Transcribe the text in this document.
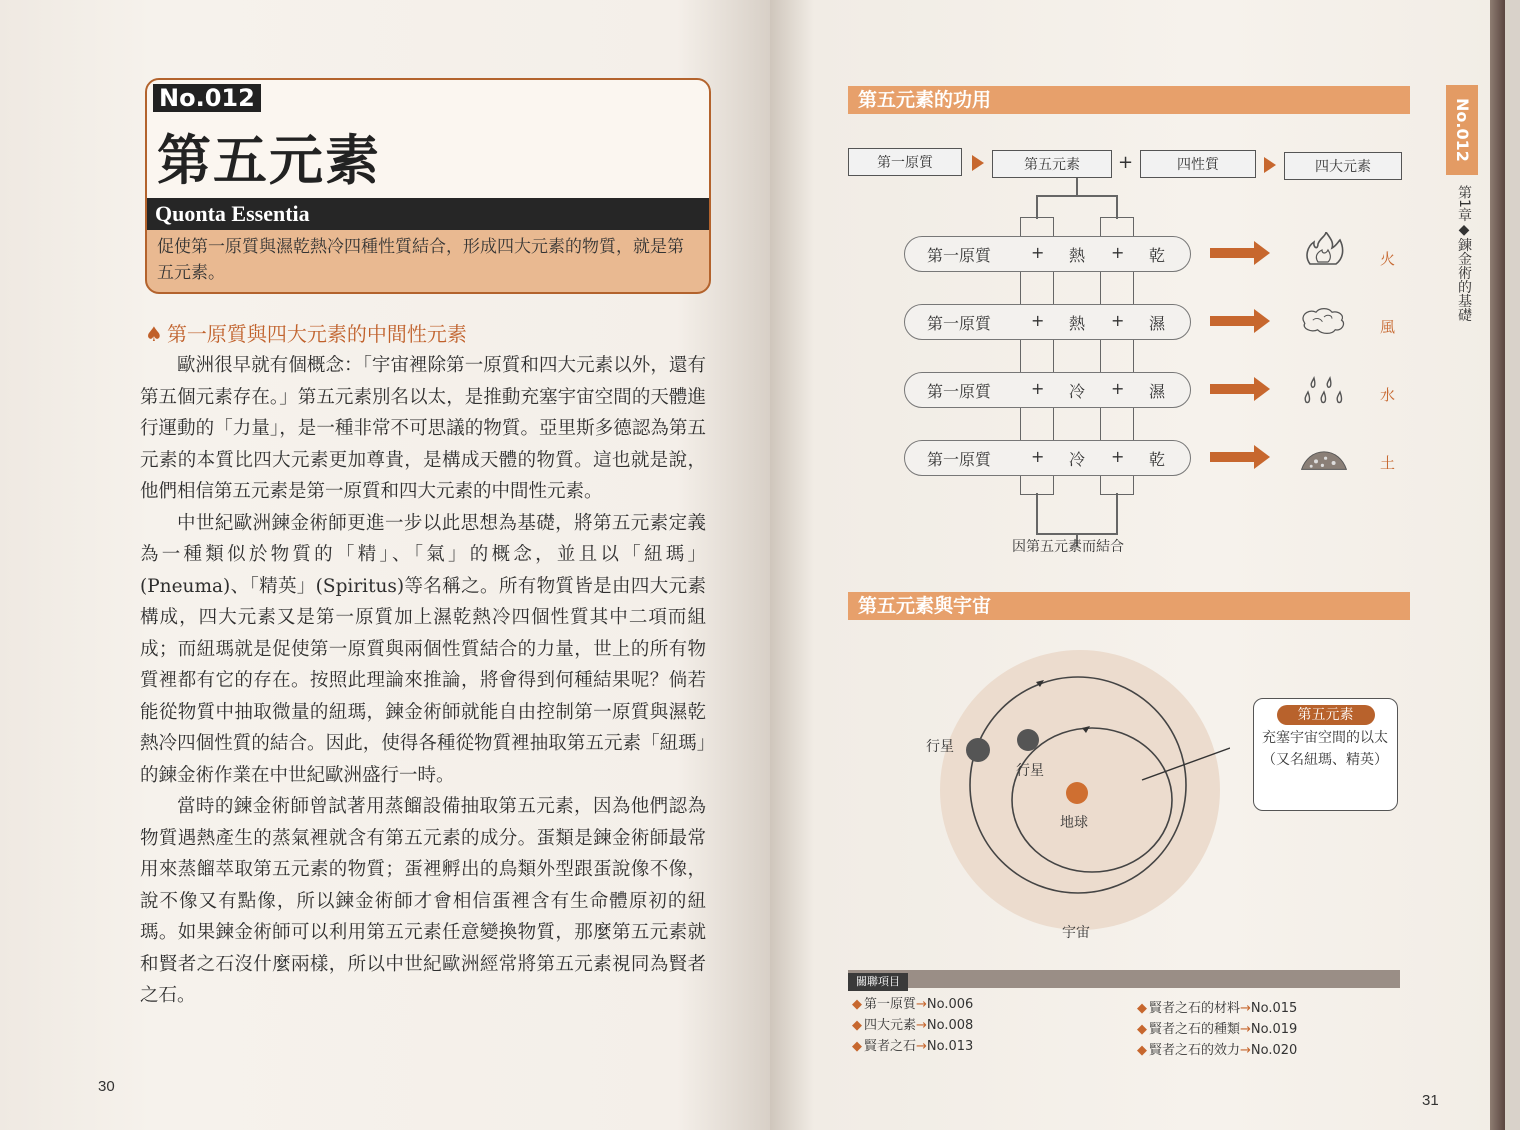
No.012
第五元素
Quonta Essentia
促使第一原質與濕乾熱冷四種性質結合，形成四大元素的物質，就是第五元素。
♠ 第一原質與四大元素的中間性元素

歐洲很早就有個概念：「宇宙裡除第一原質和四大元素以外，還有第五個元素存在。」第五元素別名以太，是推動充塞宇宙空間的天體進行運動的「力量」，是一種非常不可思議的物質。亞里斯多德認為第五元素的本質比四大元素更加尊貴，是構成天體的物質。這也就是說，他們相信第五元素是第一原質和四大元素的中間性元素。

中世紀歐洲鍊金術師更進一步以此思想為基礎，將第五元素定義為一種類似於物質的「精」、「氣」的概念，並且以「紐瑪」(Pneuma)、「精英」(Spiritus)等名稱之。所有物質皆是由四大元素構成，四大元素又是第一原質加上濕乾熱冷四個性質其中二項而組成；而紐瑪就是促使第一原質與兩個性質結合的力量，世上的所有物質裡都有它的存在。按照此理論來推論，將會得到何種結果呢？倘若能從物質中抽取微量的紐瑪，鍊金術師就能自由控制第一原質與濕乾熱冷四個性質的結合。因此，使得各種從物質裡抽取第五元素「紐瑪」的鍊金術作業在中世紀歐洲盛行一時。

當時的鍊金術師曾試著用蒸餾設備抽取第五元素，因為他們認為物質遇熱產生的蒸氣裡就含有第五元素的成分。蛋類是鍊金術師最常用來蒸餾萃取第五元素的物質；蛋裡孵出的鳥類外型跟蛋說像不像，說不像又有點像，所以鍊金術師才會相信蛋裡含有生命體原初的紐瑪。如果鍊金術師可以利用第五元素任意變換物質，那麼第五元素就和賢者之石沒什麼兩樣，所以中世紀歐洲經常將第五元素視同為賢者之石。

30
No.012
第1章◆鍊金術的基礎
第五元素的功用
第一原質	第五元素	+	四性質	四大元素
第一原質 + 熱 + 乾	火
第一原質 + 熱 + 濕	風
第一原質 + 冷 + 濕	水
第一原質 + 冷 + 乾	土
因第五元素而結合
第五元素與宇宙
行星
行星
地球
宇宙
第五元素
充塞宇宙空間的以太（又名紐瑪、精英）
關聯項目
◆ 第一原質→No.006
◆ 四大元素→No.008
◆ 賢者之石→No.013
◆ 賢者之石的材料→No.015
◆ 賢者之石的種類→No.019
◆ 賢者之石的效力→No.020
31
